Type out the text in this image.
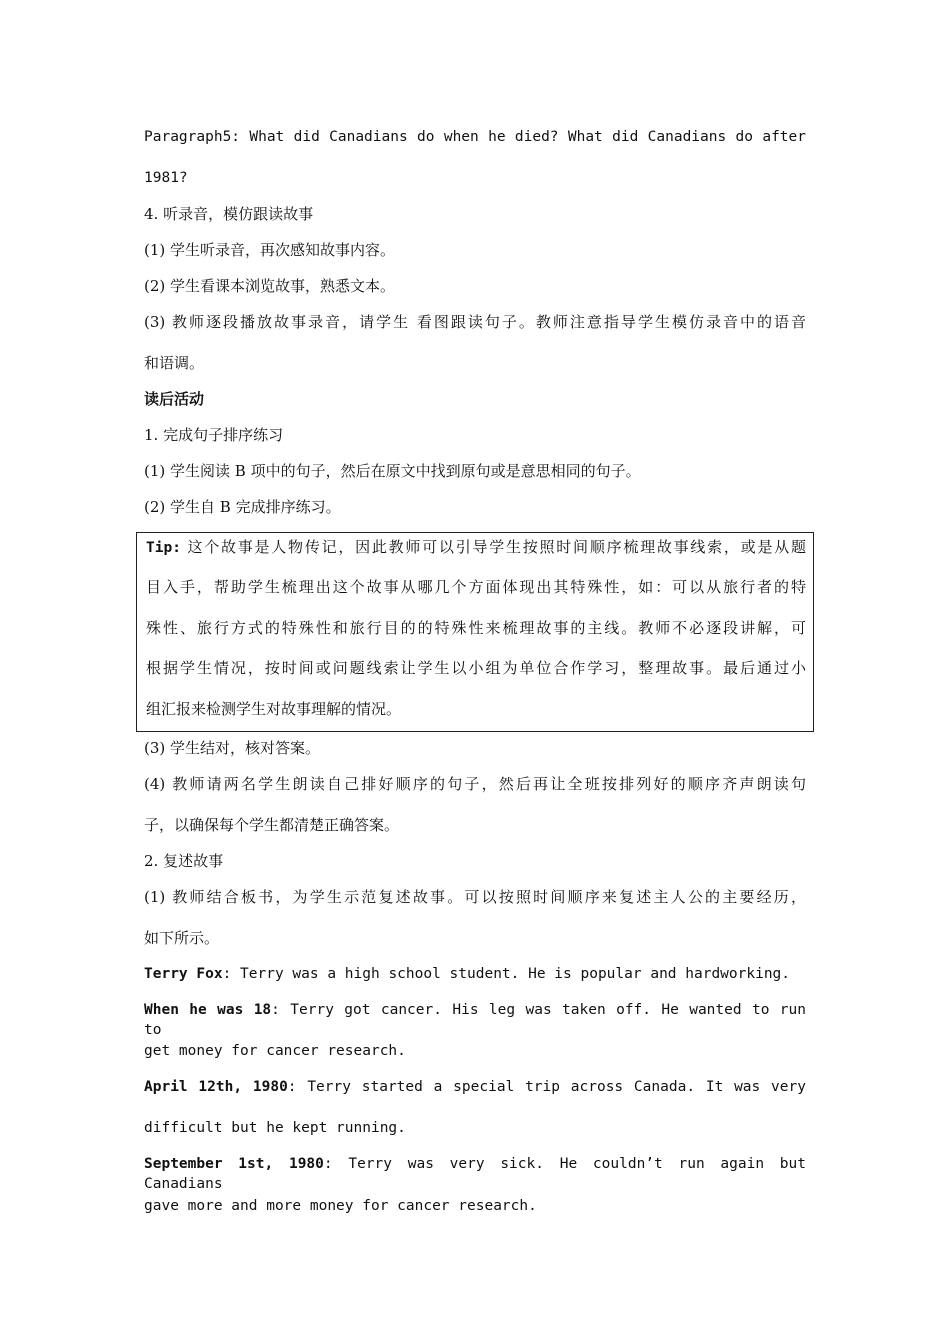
Paragraph5: What did Canadians do when he died? What did Canadians do after
1981?
4. 听录音，模仿跟读故事
(1) 学生听录音，再次感知故事内容。
(2) 学生看课本浏览故事，熟悉文本。
(3) 教师逐段播放故事录音，请学生 看图跟读句子。教师注意指导学生模仿录音中的语音
和语调。
读后活动
1. 完成句子排序练习
(1) 学生阅读 B 项中的句子，然后在原文中找到原句或是意思相同的句子。
(2) 学生自 B 完成排序练习。
Tip: 这个故事是人物传记，因此教师可以引导学生按照时间顺序梳理故事线索，或是从题
目入手，帮助学生梳理出这个故事从哪几个方面体现出其特殊性，如：可以从旅行者的特
殊性、旅行方式的特殊性和旅行目的的特殊性来梳理故事的主线。教师不必逐段讲解，可
根据学生情况，按时间或问题线索让学生以小组为单位合作学习，整理故事。最后通过小
组汇报来检测学生对故事理解的情况。
(3) 学生结对，核对答案。
(4) 教师请两名学生朗读自己排好顺序的句子，然后再让全班按排列好的顺序齐声朗读句
子，以确保每个学生都清楚正确答案。
2. 复述故事
(1) 教师结合板书，为学生示范复述故事。可以按照时间顺序来复述主人公的主要经历，
如下所示。
Terry Fox: Terry was a high school student. He is popular and hardworking.
When he was 18: Terry got cancer. His leg was taken off. He wanted to run to
get money for cancer research.
April 12th, 1980: Terry started a special trip across Canada. It was very
difficult but he kept running.
September 1st, 1980: Terry was very sick. He couldn’t run again but Canadians
gave more and more money for cancer research.
